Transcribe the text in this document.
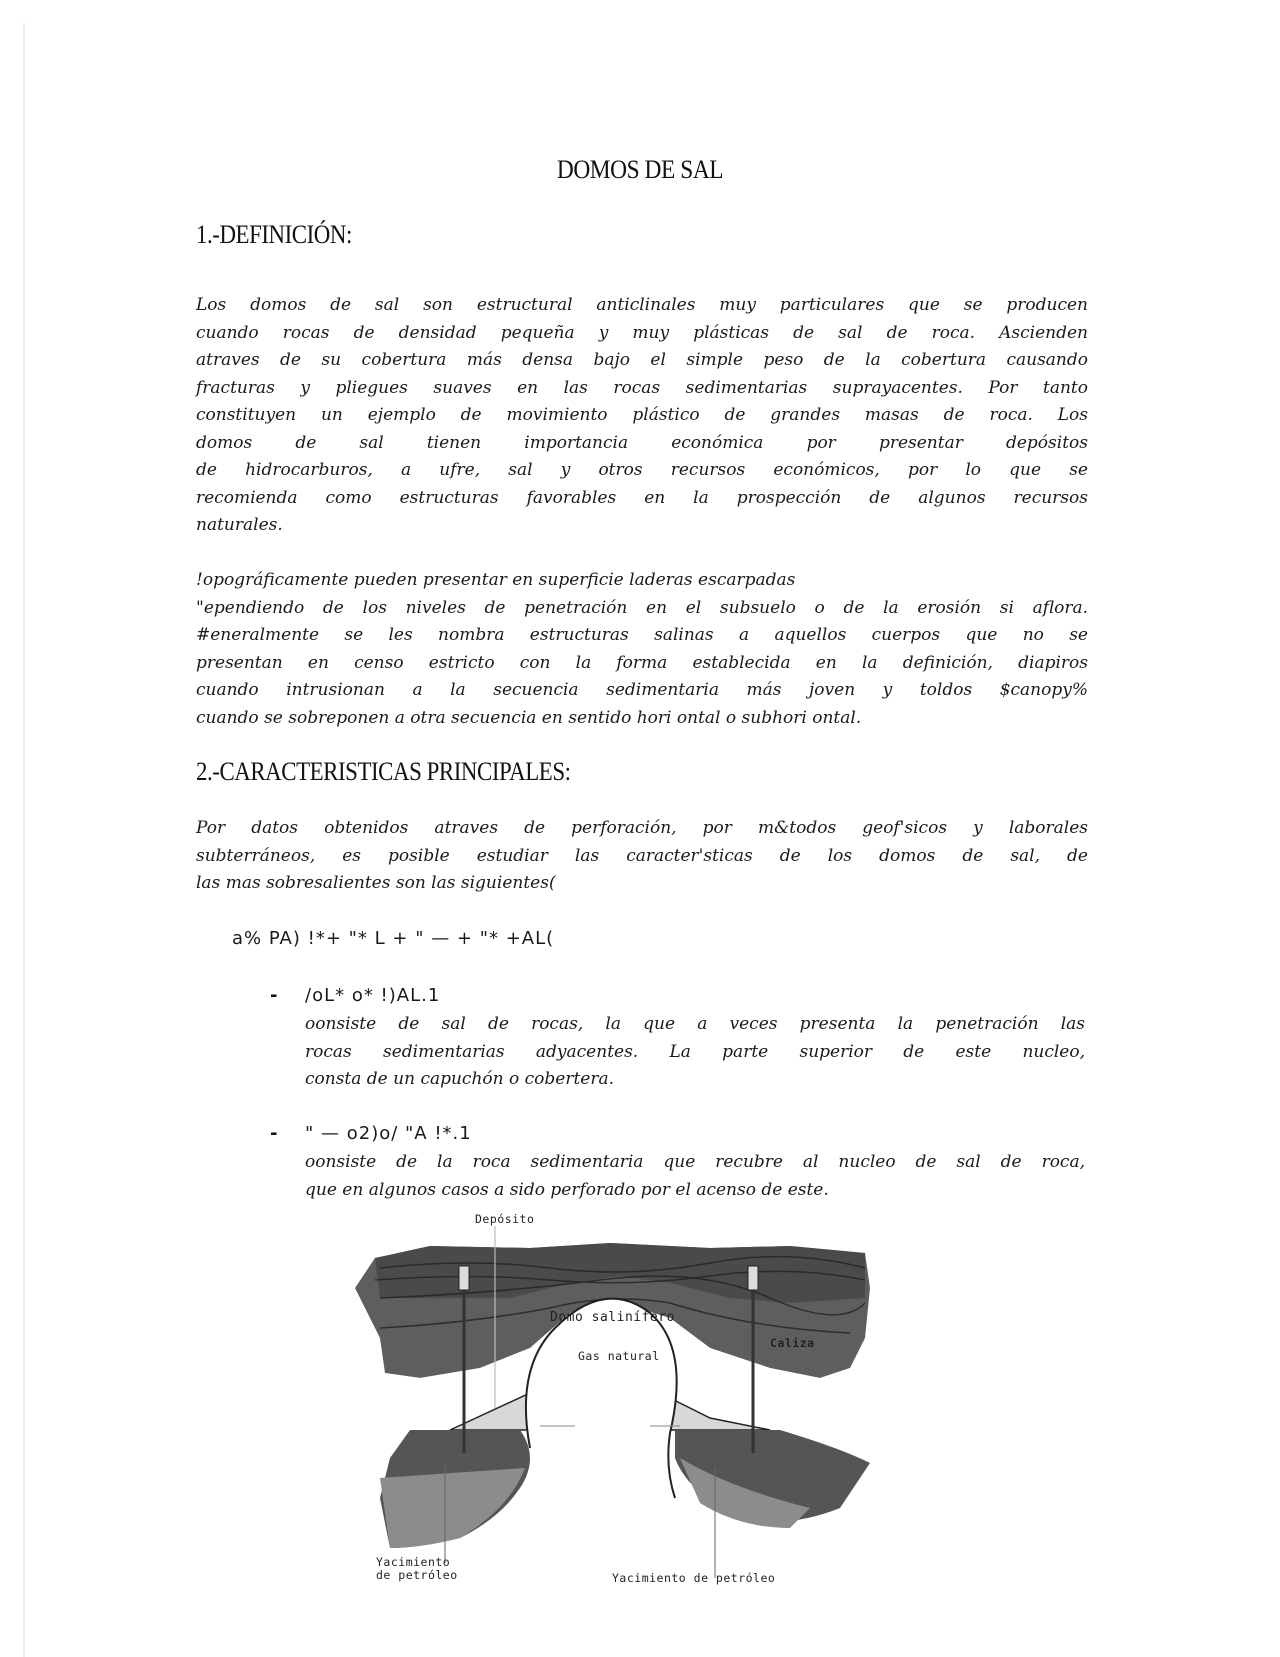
DOMOS DE SAL
1.-DEFINICIÓN:
Los domos de sal son estructural anticlinales muy particulares que se producen
cuando rocas de densidad pequeña y muy plásticas de sal de roca. Ascienden
atraves de su cobertura más densa bajo el simple peso de la cobertura causando
fracturas y pliegues suaves en las rocas sedimentarias suprayacentes. Por tanto
constituyen un ejemplo de movimiento plástico de grandes masas de roca. Los
domos de sal tienen importancia económica por presentar depósitos
de hidrocarburos, a ufre, sal y otros recursos económicos, por lo que se
recomienda como estructuras favorables en la prospección de algunos recursos
naturales.
!opográficamente pueden presentar en superficie laderas escarpadas
"ependiendo de los niveles de penetración en el subsuelo o de la erosión si aflora.
#eneralmente se les nombra estructuras salinas a aquellos cuerpos que no se
presentan en censo estricto con la forma establecida en la definición, diapiros
cuando intrusionan a la secuencia sedimentaria más joven y toldos $canopy%
cuando se sobreponen a otra secuencia en sentido hori ontal o subhori ontal.
2.-CARACTERISTICAS PRINCIPALES:
Por datos obtenidos atraves de perforación, por m&todos geof'sicos y laborales
subterráneos, es posible estudiar las caracter'sticas de los domos de sal, de
las mas sobresalientes son las siguientes(
a% PA) !*+ "* L + " — + "* +AL(
- /oL* o* !)AL.1
oonsiste de sal de rocas, la que a veces presenta la penetración las
rocas sedimentarias adyacentes. La parte superior de este nucleo,
consta de un capuchón o cobertera.
- " — o2)o/ "A !*.1
oonsiste de la roca sedimentaria que recubre al nucleo de sal de roca,
que en algunos casos a sido perforado por el acenso de este.
Depósito
Domo salinífero
Caliza
Gas natural
Yacimiento
de petróleo	Yacimiento de petróleo
